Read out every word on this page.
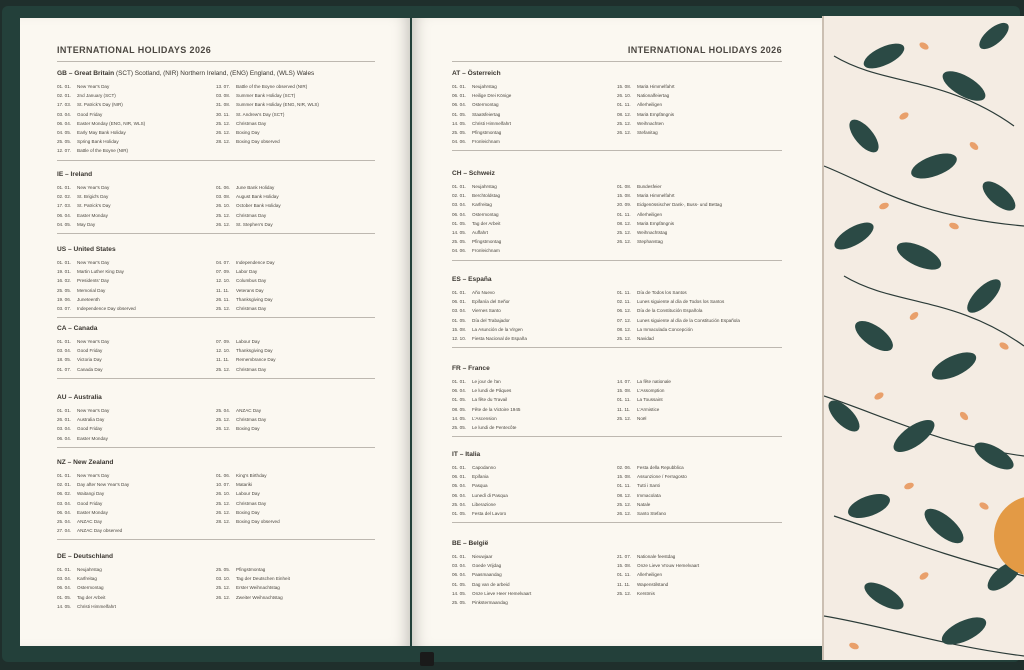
INTERNATIONAL HOLIDAYS 2026
GB – Great Britain (SCT) Scotland, (NIR) Northern Ireland, (ENG) England, (WLS) Wales
01. 01.	New Year's Day
02. 01.	2nd January (SCT)
17. 03.	St. Patrick's Day (NIR)
03. 04.	Good Friday
06. 04.	Easter Monday (ENG, NIR, WLS)
04. 05.	Early May Bank Holiday
25. 05.	Spring Bank Holiday
12. 07.	Battle of the Boyne (NIR)
13. 07.	Battle of the Boyne observed (NIR)
03. 08.	Summer Bank Holiday (SCT)
31. 08.	Summer Bank Holiday (ENG, NIR, WLS)
30. 11.	St. Andrew's Day (SCT)
25. 12.	Christmas Day
26. 12.	Boxing Day
28. 12.	Boxing Day observed
IE – Ireland
01. 01.	New Year's Day
02. 02.	St. Brigid's Day
17. 03.	St. Patrick's Day
06. 04.	Easter Monday
04. 05.	May Day
01. 06.	June Bank Holiday
03. 08.	August Bank Holiday
26. 10.	October Bank Holiday
25. 12.	Christmas Day
26. 12.	St. Stephen's Day
US – United States
01. 01.	New Year's Day
19. 01.	Martin Luther King Day
16. 02.	Presidents' Day
25. 05.	Memorial Day
19. 06.	Juneteenth
03. 07.	Independence Day observed
04. 07.	Independence Day
07. 09.	Labor Day
12. 10.	Columbus Day
11. 11.	Veterans Day
26. 11.	Thanksgiving Day
25. 12.	Christmas Day
CA – Canada
01. 01.	New Year's Day
03. 04.	Good Friday
18. 05.	Victoria Day
01. 07.	Canada Day
07. 09.	Labour Day
12. 10.	Thanksgiving Day
11. 11.	Remembrance Day
25. 12.	Christmas Day
AU – Australia
01. 01.	New Year's Day
26. 01.	Australia Day
03. 04.	Good Friday
06. 04.	Easter Monday
25. 04.	ANZAC Day
25. 12.	Christmas Day
26. 12.	Boxing Day
NZ – New Zealand
01. 01.	New Year's Day
02. 01.	Day after New Year's Day
06. 02.	Waitangi Day
03. 04.	Good Friday
06. 04.	Easter Monday
25. 04.	ANZAC Day
27. 04.	ANZAC Day observed
01. 06.	King's Birthday
10. 07.	Matariki
26. 10.	Labour Day
25. 12.	Christmas Day
26. 12.	Boxing Day
28. 12.	Boxing Day observed
DE – Deutschland
01. 01.	Neujahrstag
03. 04.	Karfreitag
06. 04.	Ostermontag
01. 05.	Tag der Arbeit
14. 05.	Christi Himmelfahrt
25. 05.	Pfingstmontag
03. 10.	Tag der Deutschen Einheit
25. 12.	Erster Weihnachtstag
26. 12.	Zweiter Weihnachtstag
INTERNATIONAL HOLIDAYS 2026
AT – Österreich
01. 01.	Neujahrstag
06. 01.	Heilige Drei Könige
06. 04.	Ostermontag
01. 05.	Staatsfeiertag
14. 05.	Christi Himmelfahrt
25. 05.	Pfingstmontag
04. 06.	Fronleichnam
15. 08.	Mariä Himmelfahrt
26. 10.	Nationalfeiertag
01. 11.	Allerheiligen
08. 12.	Mariä Empfängnis
25. 12.	Weihnachten
26. 12.	Stefanitag
CH – Schweiz
01. 01.	Neujahrstag
02. 01.	Berchtoldstag
03. 04.	Karfreitag
06. 04.	Ostermontag
01. 05.	Tag der Arbeit
14. 05.	Auffahrt
25. 05.	Pfingstmontag
04. 06.	Fronleichnam
01. 08.	Bundesfeier
15. 08.	Mariä Himmelfahrt
20. 09.	Eidgenössischer Dank-, Buss- und Bettag
01. 11.	Allerheiligen
08. 12.	Mariä Empfängnis
25. 12.	Weihnachtstag
26. 12.	Stephanstag
ES – España
01. 01.	Año Nuevo
06. 01.	Epifanía del Señor
03. 04.	Viernes Santo
01. 05.	Día del Trabajador
15. 08.	La Asunción de la Virgen
12. 10.	Fiesta Nacional de España
01. 11.	Día de Todos los Santos
02. 11.	Lunes siguiente al día de Todos los Santos
06. 12.	Día de la Constitución Española
07. 12.	Lunes siguiente al día de la Constitución Española
08. 12.	La Inmaculada Concepción
25. 12.	Navidad
FR – France
01. 01.	Le jour de l'an
06. 04.	Le lundi de Pâques
01. 05.	La fête du Travail
08. 05.	Fête de la Victoire 1945
14. 05.	L'Ascension
25. 05.	Le lundi de Pentecôte
14. 07.	La fête nationale
15. 08.	L'Assomption
01. 11.	La Toussaint
11. 11.	L'Armistice
25. 12.	Noël
IT – Italia
01. 01.	Capodanno
06. 01.	Epifania
05. 04.	Pasqua
06. 04.	Lunedì di Pasqua
25. 04.	Liberazione
01. 05.	Festa del Lavoro
02. 06.	Festa della Repubblica
15. 08.	Assunzione / Ferragosto
01. 11.	Tutti i Santi
08. 12.	Immacolata
25. 12.	Natale
26. 12.	Santo Stefano
BE – België
01. 01.	Nieuwjaar
03. 04.	Goede Vrijdag
06. 04.	Paasmaandag
01. 05.	Dag van de arbeid
14. 05.	Onze Lieve Heer Hemelvaart
25. 05.	Pinkstermaandag
21. 07.	Nationale feestdag
15. 08.	Onze Lieve Vrouw Hemelvaart
01. 11.	Allerheiligen
11. 11.	Wapenstilstand
25. 12.	Kerstmis
